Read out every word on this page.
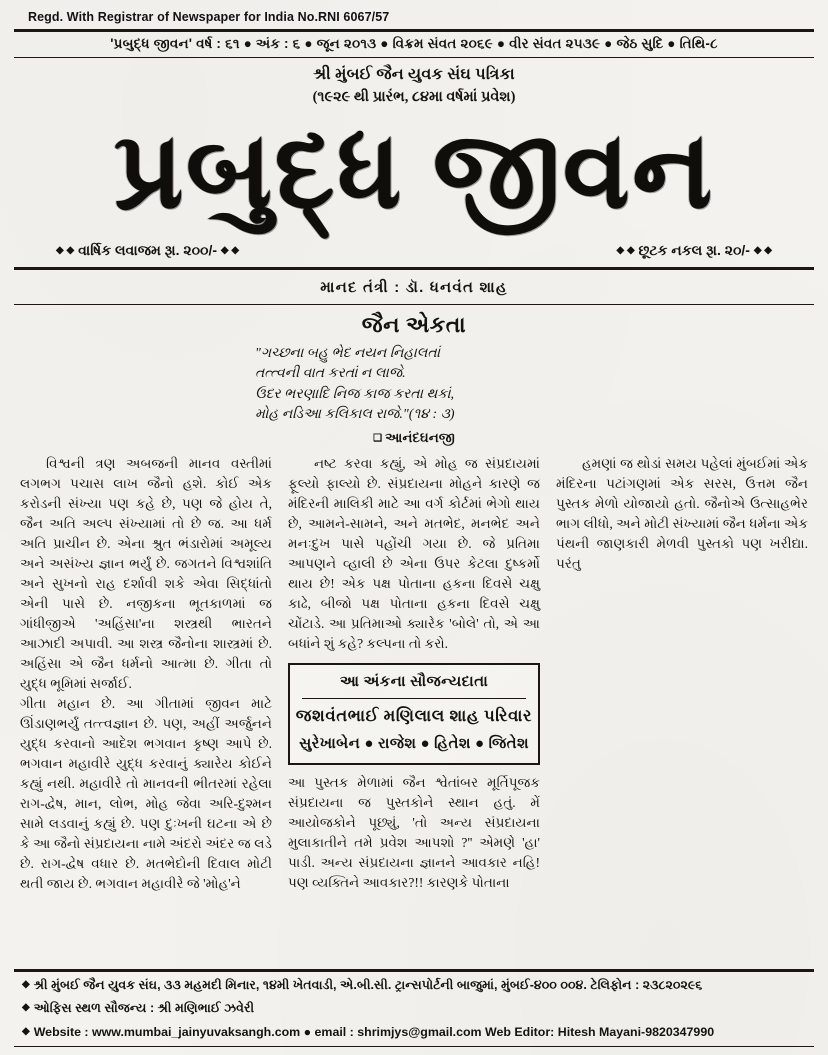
Regd. With Registrar of Newspaper for India No.RNI 6067/57
'પ્રબુદ્ધ જીવન' વર્ષ : ૬૧ ● અંક : ૬ ● જૂન ૨૦૧૩ ● વિક્રમ સંવત ૨૦૬૯ ● વીર સંવત ૨૫૩૯ ● જેઠ સુદિ ● તિથિ-૮
શ્રી મુંબઈ જૈન યુવક સંઘ પત્રિકા
(૧૯૨૯ થી પ્રારંભ, ૮૪મા વર્ષમાં પ્રવેશ)
પ્રબુદ્ધ જીવન
◆ ◆ વાર્ષિક લવાજમ રૂા. ૨૦૦/- ◆ ◆	◆ ◆ છૂટક નકલ રૂા. ૨૦/- ◆ ◆
માનદ તંત્રી : ડૉ. ધનવંત શાહ
જૈન એકતા
"ગચ્છના બહુ ભેદ નયન નિહાલતાં
તત્ત્વની વાત કરતાં ન લાજે.
ઉદર ભરણાદિ નિજ કાજ કરતા થકાં,
મોહ નડિઆ કલિકાલ રાજે."(૧૪ : ૩)
❑ આનંદઘનજી

વિશ્વની ત્રણ અબજની માનવ વસ્તીમાં લગભગ પચાસ લાખ જૈનો હશે. કોઈ એક કરોડની સંખ્યા પણ કહે છે, પણ જે હોય તે, જૈન અતિ અલ્પ સંખ્યામાં તો છે જ. આ ધર્મ અતિ પ્રાચીન છે. એના શ્રુત ભંડારોમાં અમૂલ્ય અને અસંખ્ય જ્ઞાન ભર્યું છે. જગતને વિશ્વશાંતિ અને સુખનો રાહ દર્શાવી શકે એવા સિદ્ધાંતો એની પાસે છે. નજીકના ભૂતકાળમાં જ ગાંધીજીએ 'અહિંસા'ના શસ્ત્રથી ભારતને આઝાદી અપાવી. આ શસ્ત્ર જૈનોના શાસ્ત્રમાં છે. અહિંસા એ જૈન ધર્મનો આત્મા છે. ગીતા તો યુદ્ધ ભૂમિમાં સર્જાઈ.

ગીતા મહાન છે. આ ગીતામાં જીવન માટે ઊંડાણભર્યું તત્ત્વજ્ઞાન છે. પણ, અહીં અર્જુનને યુદ્ધ કરવાનો આદેશ ભગવાન કૃષ્ણ આપે છે. ભગવાન મહાવીરે યુદ્ધ કરવાનું ક્યારેય કોઈને કહ્યું નથી. મહાવીરે તો માનવની ભીતરમાં રહેલા રાગ-દ્વેષ, માન, લોભ, મોહ જેવા અરિ-દુશ્મન સામે લડવાનું કહ્યું છે. પણ દુઃખની ઘટના એ છે કે આ જૈનો સંપ્રદાયના નામે અંદરો અંદર જ લડે છે. રાગ-દ્વેષ વધાર છે. મતભેદોની દિવાલ મોટી થતી જાય છે. ભગવાન મહાવીરે જે 'મોહ'ને

નષ્ટ કરવા કહ્યું, એ મોહ જ સંપ્રદાયમાં ફૂલ્યો ફાલ્યો છે. સંપ્રદાયના મોહને કારણે જ મંદિરની માલિકી માટે આ વર્ગ કોર્ટમાં ભેગો થાય છે, આમને-સામને, અને મતભેદ, મનભેદ અને મનઃદુખ પાસે પહોંચી ગયા છે. જે પ્રતિમા આપણને વ્હાલી છે એના ઉપર કેટલા દુષ્કર્મો થાય છે! એક પક્ષ પોતાના હકના દિવસે ચક્ષુ કાઢે, બીજો પક્ષ પોતાના હકના દિવસે ચક્ષુ ચોંટાડે. આ પ્રતિમાઓ ક્યારેક 'બોલે' તો, એ આ બધાંને શું કહે? કલ્પના તો કરો.

આ અંકના સૌજન્યદાતા
જશવંતભાઈ મણિલાલ શાહ પરિવાર
સુરેખાબેન ● રાજેશ ● હિતેશ ● જિતેશ

આ પુસ્તક મેળામાં જૈન શ્વેતાંબર મૂર્તિપૂજક સંપ્રદાયના જ પુસ્તકોને સ્થાન હતું. મેં આયોજકોને પૂછ્યું, 'તો અન્ય સંપ્રદાયના મુલાકાતીને તમે પ્રવેશ આપશો ?'' એમણે 'હા' પાડી. અન્ય સંપ્રદાયના જ્ઞાનને આવકાર નહિ! પણ વ્યક્તિને આવકાર?!! કારણકે પોતાના

હમણાં જ થોડાં સમય પહેલાં મુંબઈમાં એક મંદિરના પટાંગણમાં એક સરસ, ઉત્તમ જૈન પુસ્તક મેળો યોજાયો હતો. જૈનોએ ઉત્સાહભેર ભાગ લીધો, અને મોટી સંખ્યામાં જૈન ધર્મના એક પંથની જાણકારી મેળવી પુસ્તકો પણ ખરીદ્યા. પરંતુ

◆ શ્રી મુંબઈ જૈન યુવક સંઘ, ૩૩ મહમદી મિનાર, ૧૪મી ખેતવાડી, એ.બી.સી. ટ્રાન્સપોર્ટની બાજુમાં, મુંબઈ-૪૦૦ ૦૦૪. ટેલિફોન : ૨૩૮૨૦૨૯૬
◆ ઓફિસ સ્થળ સૌજન્ય : શ્રી મણિભાઈ ઝવેરી
◆ Website : www.mumbai_jainyuvaksangh.com ● email : shrimjys@gmail.com Web Editor: Hitesh Mayani-9820347990
